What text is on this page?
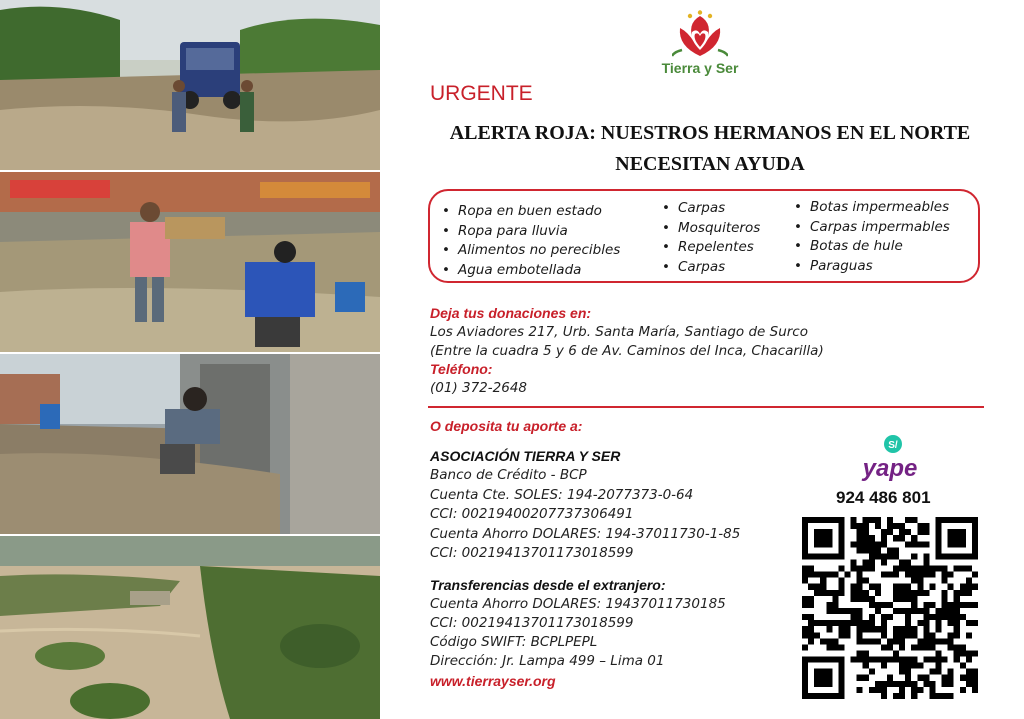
Tierra y Ser
URGENTE
ALERTA ROJA: NUESTROS HERMANOS EN EL NORTE
NECESITAN AYUDA
• Ropa en buen estado
• Ropa para lluvia
• Alimentos no perecibles
• Agua embotellada
• Carpas
• Mosquiteros
• Repelentes
• Carpas
• Botas impermeables
• Carpas impermables
• Botas de hule
• Paraguas
Deja tus donaciones en:
Los Aviadores 217, Urb. Santa María, Santiago de Surco
(Entre la cuadra 5 y 6 de Av. Caminos del Inca, Chacarilla)
Teléfono:
(01) 372-2648
O deposita tu aporte a:
ASOCIACIÓN TIERRA Y SER
Banco de Crédito - BCP
Cuenta Cte. SOLES: 194-2077373-0-64
CCI: 00219400207737306491
Cuenta Ahorro DOLARES: 194-37011730-1-85
CCI: 00219413701173018599
Transferencias desde el extranjero:
Cuenta Ahorro DOLARES: 19437011730185
CCI: 00219413701173018599
Código SWIFT: BCPLPEPL
Dirección: Jr. Lampa 499 – Lima 01
www.tierrayser.org
S/
yape
924 486 801
